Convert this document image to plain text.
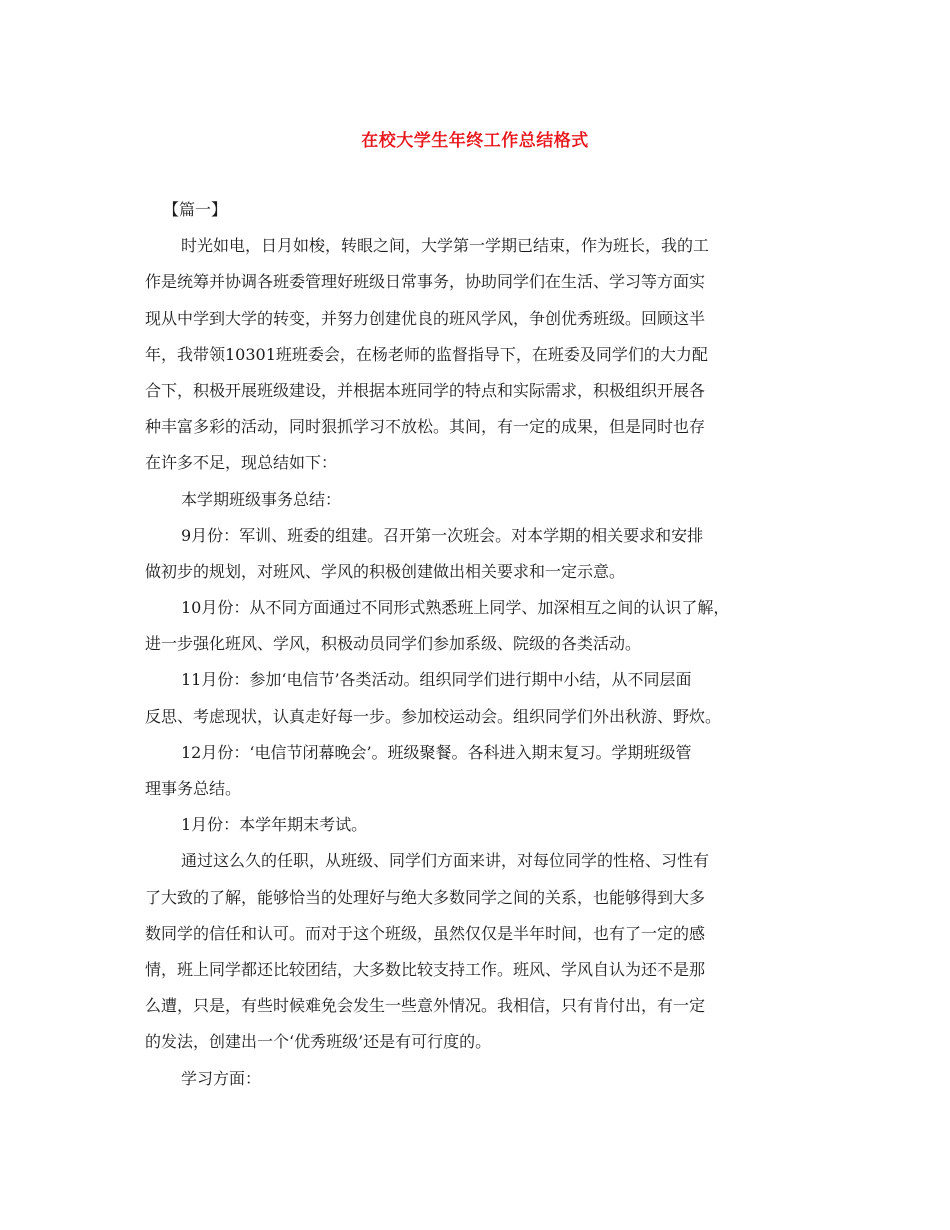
在校大学生年终工作总结格式
【篇一】
时光如电，日月如梭，转眼之间，大学第一学期已结束，作为班长，我的工
作是统筹并协调各班委管理好班级日常事务，协助同学们在生活、学习等方面实
现从中学到大学的转变，并努力创建优良的班风学风，争创优秀班级。回顾这半
年，我带领10301班班委会，在杨老师的监督指导下，在班委及同学们的大力配
合下，积极开展班级建设，并根据本班同学的特点和实际需求，积极组织开展各
种丰富多彩的活动，同时狠抓学习不放松。其间，有一定的成果，但是同时也存
在许多不足，现总结如下：
本学期班级事务总结：
9月份：军训、班委的组建。召开第一次班会。对本学期的相关要求和安排
做初步的规划，对班风、学风的积极创建做出相关要求和一定示意。
10月份：从不同方面通过不同形式熟悉班上同学、加深相互之间的认识了解，
进一步强化班风、学风，积极动员同学们参加系级、院级的各类活动。
11月份：参加‘电信节’各类活动。组织同学们进行期中小结，从不同层面
反思、考虑现状，认真走好每一步。参加校运动会。组织同学们外出秋游、野炊。
12月份：‘电信节闭幕晚会’。班级聚餐。各科进入期末复习。学期班级管
理事务总结。
1月份：本学年期末考试。
通过这么久的任职，从班级、同学们方面来讲，对每位同学的性格、习性有
了大致的了解，能够恰当的处理好与绝大多数同学之间的关系，也能够得到大多
数同学的信任和认可。而对于这个班级，虽然仅仅是半年时间，也有了一定的感
情，班上同学都还比较团结，大多数比较支持工作。班风、学风自认为还不是那
么遭，只是，有些时候难免会发生一些意外情况。我相信，只有肯付出，有一定
的发法，创建出一个‘优秀班级’还是有可行度的。
学习方面：
